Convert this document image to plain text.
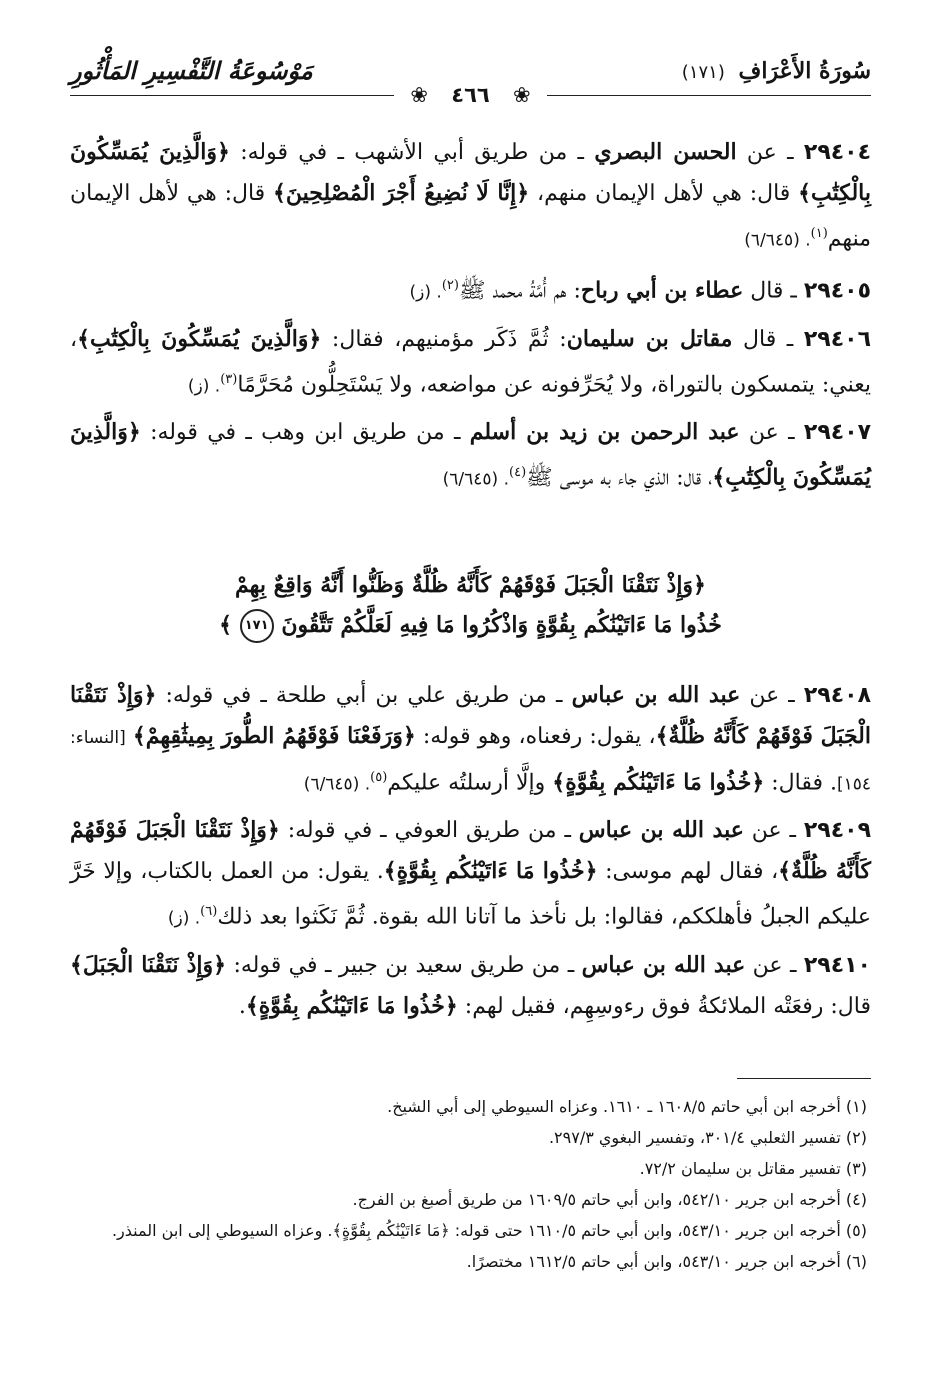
سُورَةُ الأَعْرَافِ (١٧١)
مَوْسُوعَةُ التَّفْسِيرِ المَأْثُورِ
❀ ٤٦٦ ❀

٢٩٤٠٤ ـ عن الحسن البصري ـ من طريق أبي الأشهب ـ في قوله: ﴿وَالَّذِينَ يُمَسِّكُونَ بِالْكِتَٰبِ﴾ قال: هي لأهل الإيمان منهم، ﴿إِنَّا لَا نُضِيعُ أَجْرَ الْمُصْلِحِينَ﴾ قال: هي لأهل الإيمان منهم$^{(١)}$. (٦/٦٤٥)

٢٩٤٠٥ ـ قال عطاء بن أبي رباح: هم أُمَّةُ محمد ﷺ$^{(٢)}$. (ز)

٢٩٤٠٦ ـ قال مقاتل بن سليمان: ثُمَّ ذَكَر مؤمنيهم، فقال: ﴿وَالَّذِينَ يُمَسِّكُونَ بِالْكِتَٰبِ﴾، يعني: يتمسكون بالتوراة، ولا يُحَرِّفونه عن مواضعه، ولا يَسْتَحِلُّون مُحَرَّمًا$^{(٣)}$. (ز)

٢٩٤٠٧ ـ عن عبد الرحمن بن زيد بن أسلم ـ من طريق ابن وهب ـ في قوله: ﴿وَالَّذِينَ يُمَسِّكُونَ بِالْكِتَٰبِ﴾، قال: الذي جاء به موسى ﷺ$^{(٤)}$. (٦/٦٤٥)

﴿وَإِذْ نَتَقْنَا الْجَبَلَ فَوْقَهُمْ كَأَنَّهُ ظُلَّةٌ وَظَنُّوا أَنَّهُ وَاقِعٌ بِهِمْ
خُذُوا مَا ءَاتَيْنَٰكُم بِقُوَّةٍ وَاذْكُرُوا مَا فِيهِ لَعَلَّكُمْ تَتَّقُونَ ١٧١ ﴾

٢٩٤٠٨ ـ عن عبد الله بن عباس ـ من طريق علي بن أبي طلحة ـ في قوله: ﴿وَإِذْ نَتَقْنَا الْجَبَلَ فَوْقَهُمْ كَأَنَّهُ ظُلَّةٌ﴾، يقول: رفعناه، وهو قوله: ﴿وَرَفَعْنَا فَوْقَهُمُ الطُّورَ بِمِيثَٰقِهِمْ﴾ [النساء: ١٥٤]. فقال: ﴿خُذُوا مَا ءَاتَيْنَٰكُم بِقُوَّةٍ﴾ وإلَّا أرسلتُه عليكم$^{(٥)}$. (٦/٦٤٥)

٢٩٤٠٩ ـ عن عبد الله بن عباس ـ من طريق العوفي ـ في قوله: ﴿وَإِذْ نَتَقْنَا الْجَبَلَ فَوْقَهُمْ كَأَنَّهُ ظُلَّةٌ﴾، فقال لهم موسى: ﴿خُذُوا مَا ءَاتَيْنَٰكُم بِقُوَّةٍ﴾. يقول: من العمل بالكتاب، وإلا خَرَّ عليكم الجبلُ فأهلككم، فقالوا: بل نأخذ ما آتانا الله بقوة. ثُمَّ نَكَثوا بعد ذلك$^{(٦)}$. (ز)

٢٩٤١٠ ـ عن عبد الله بن عباس ـ من طريق سعيد بن جبير ـ في قوله: ﴿وَإِذْ نَتَقْنَا الْجَبَلَ﴾ قال: رفعَتْه الملائكةُ فوق رءوسِهِم، فقيل لهم: ﴿خُذُوا مَا ءَاتَيْنَٰكُم بِقُوَّةٍ﴾.

(١) أخرجه ابن أبي حاتم ١٦٠٨/٥ ـ ١٦١٠. وعزاه السيوطي إلى أبي الشيخ.

(٢) تفسير الثعلبي ٣٠١/٤، وتفسير البغوي ٢٩٧/٣.

(٣) تفسير مقاتل بن سليمان ٧٢/٢.

(٤) أخرجه ابن جرير ٥٤٢/١٠، وابن أبي حاتم ١٦٠٩/٥ من طريق أصبغ بن الفرج.

(٥) أخرجه ابن جرير ٥٤٣/١٠، وابن أبي حاتم ١٦١٠/٥ حتى قوله: ﴿مَا ءَاتَيْنَٰكُم بِقُوَّةٍ﴾. وعزاه السيوطي إلى ابن المنذر.

(٦) أخرجه ابن جرير ٥٤٣/١٠، وابن أبي حاتم ١٦١٢/٥ مختصرًا.
